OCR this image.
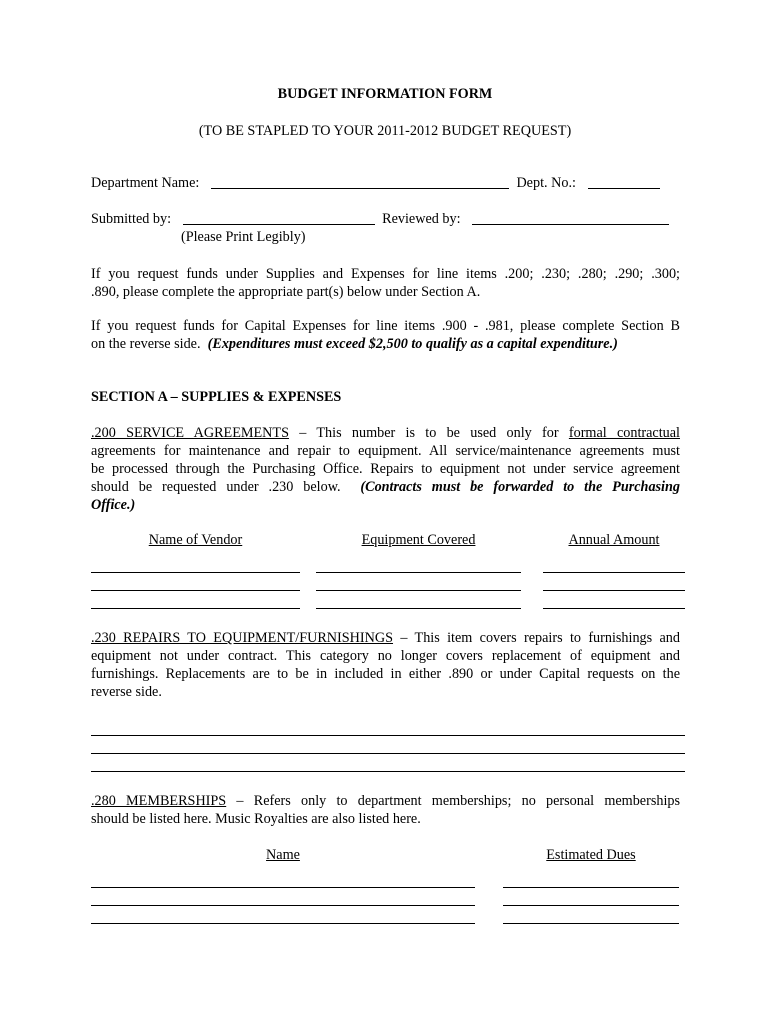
BUDGET INFORMATION FORM
(TO BE STAPLED TO YOUR 2011-2012 BUDGET REQUEST)
Department Name:	Dept. No.:
Submitted by:	Reviewed by:
(Please Print Legibly)
If you request funds under Supplies and Expenses for line items .200; .230; .280; .290; .300;
.890, please complete the appropriate part(s) below under Section A.
If you request funds for Capital Expenses for line items .900 - .981, please complete Section B
on the reverse side. (Expenditures must exceed $2,500 to qualify as a capital expenditure.)
SECTION A – SUPPLIES & EXPENSES
.200 SERVICE AGREEMENTS – This number is to be used only for formal contractual
agreements for maintenance and repair to equipment. All service/maintenance agreements must
be processed through the Purchasing Office. Repairs to equipment not under service agreement
should be requested under .230 below. (Contracts must be forwarded to the Purchasing
Office.)
Name of Vendor	Equipment Covered	Annual Amount
.230 REPAIRS TO EQUIPMENT/FURNISHINGS – This item covers repairs to furnishings and
equipment not under contract. This category no longer covers replacement of equipment and
furnishings. Replacements are to be in included in either .890 or under Capital requests on the
reverse side.
.280 MEMBERSHIPS – Refers only to department memberships; no personal memberships
should be listed here. Music Royalties are also listed here.
Name	Estimated Dues
